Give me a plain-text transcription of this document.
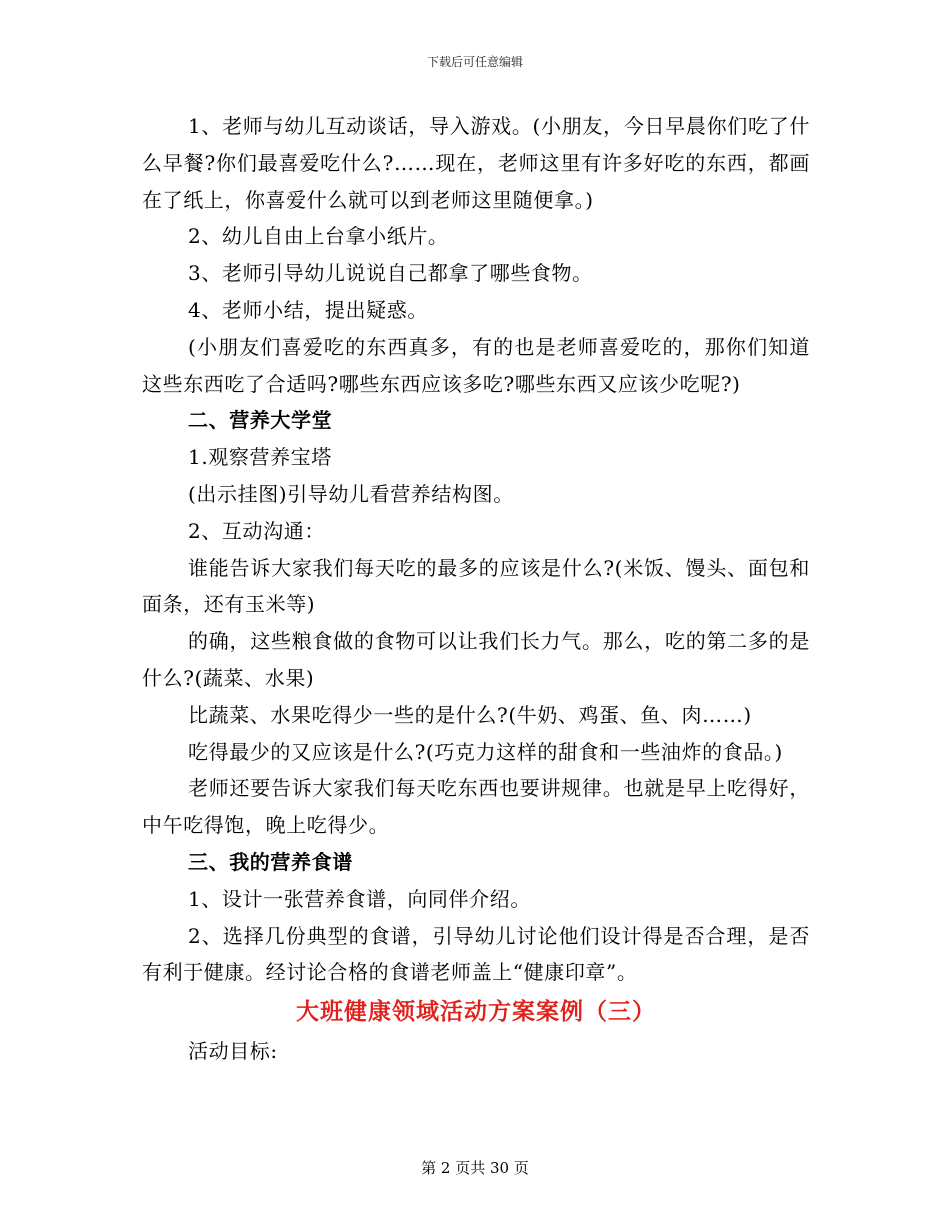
下载后可任意编辑

1、老师与幼儿互动谈话，导入游戏。(小朋友，今日早晨你们吃了什么早餐?你们最喜爱吃什么?……现在，老师这里有许多好吃的东西，都画在了纸上，你喜爱什么就可以到老师这里随便拿。)

2、幼儿自由上台拿小纸片。

3、老师引导幼儿说说自己都拿了哪些食物。

4、老师小结，提出疑惑。

(小朋友们喜爱吃的东西真多，有的也是老师喜爱吃的，那你们知道这些东西吃了合适吗?哪些东西应该多吃?哪些东西又应该少吃呢?)

二、营养大学堂

1.观察营养宝塔

(出示挂图)引导幼儿看营养结构图。

2、互动沟通：

谁能告诉大家我们每天吃的最多的应该是什么?(米饭、馒头、面包和面条，还有玉米等)

的确，这些粮食做的食物可以让我们长力气。那么，吃的第二多的是什么?(蔬菜、水果)

比蔬菜、水果吃得少一些的是什么?(牛奶、鸡蛋、鱼、肉……)

吃得最少的又应该是什么?(巧克力这样的甜食和一些油炸的食品。)

老师还要告诉大家我们每天吃东西也要讲规律。也就是早上吃得好，中午吃得饱，晚上吃得少。

三、我的营养食谱

1、设计一张营养食谱，向同伴介绍。

2、选择几份典型的食谱，引导幼儿讨论他们设计得是否合理，是否有利于健康。经讨论合格的食谱老师盖上“健康印章”。

大班健康领域活动方案案例（三）

活动目标:

第 2 页共 30 页
